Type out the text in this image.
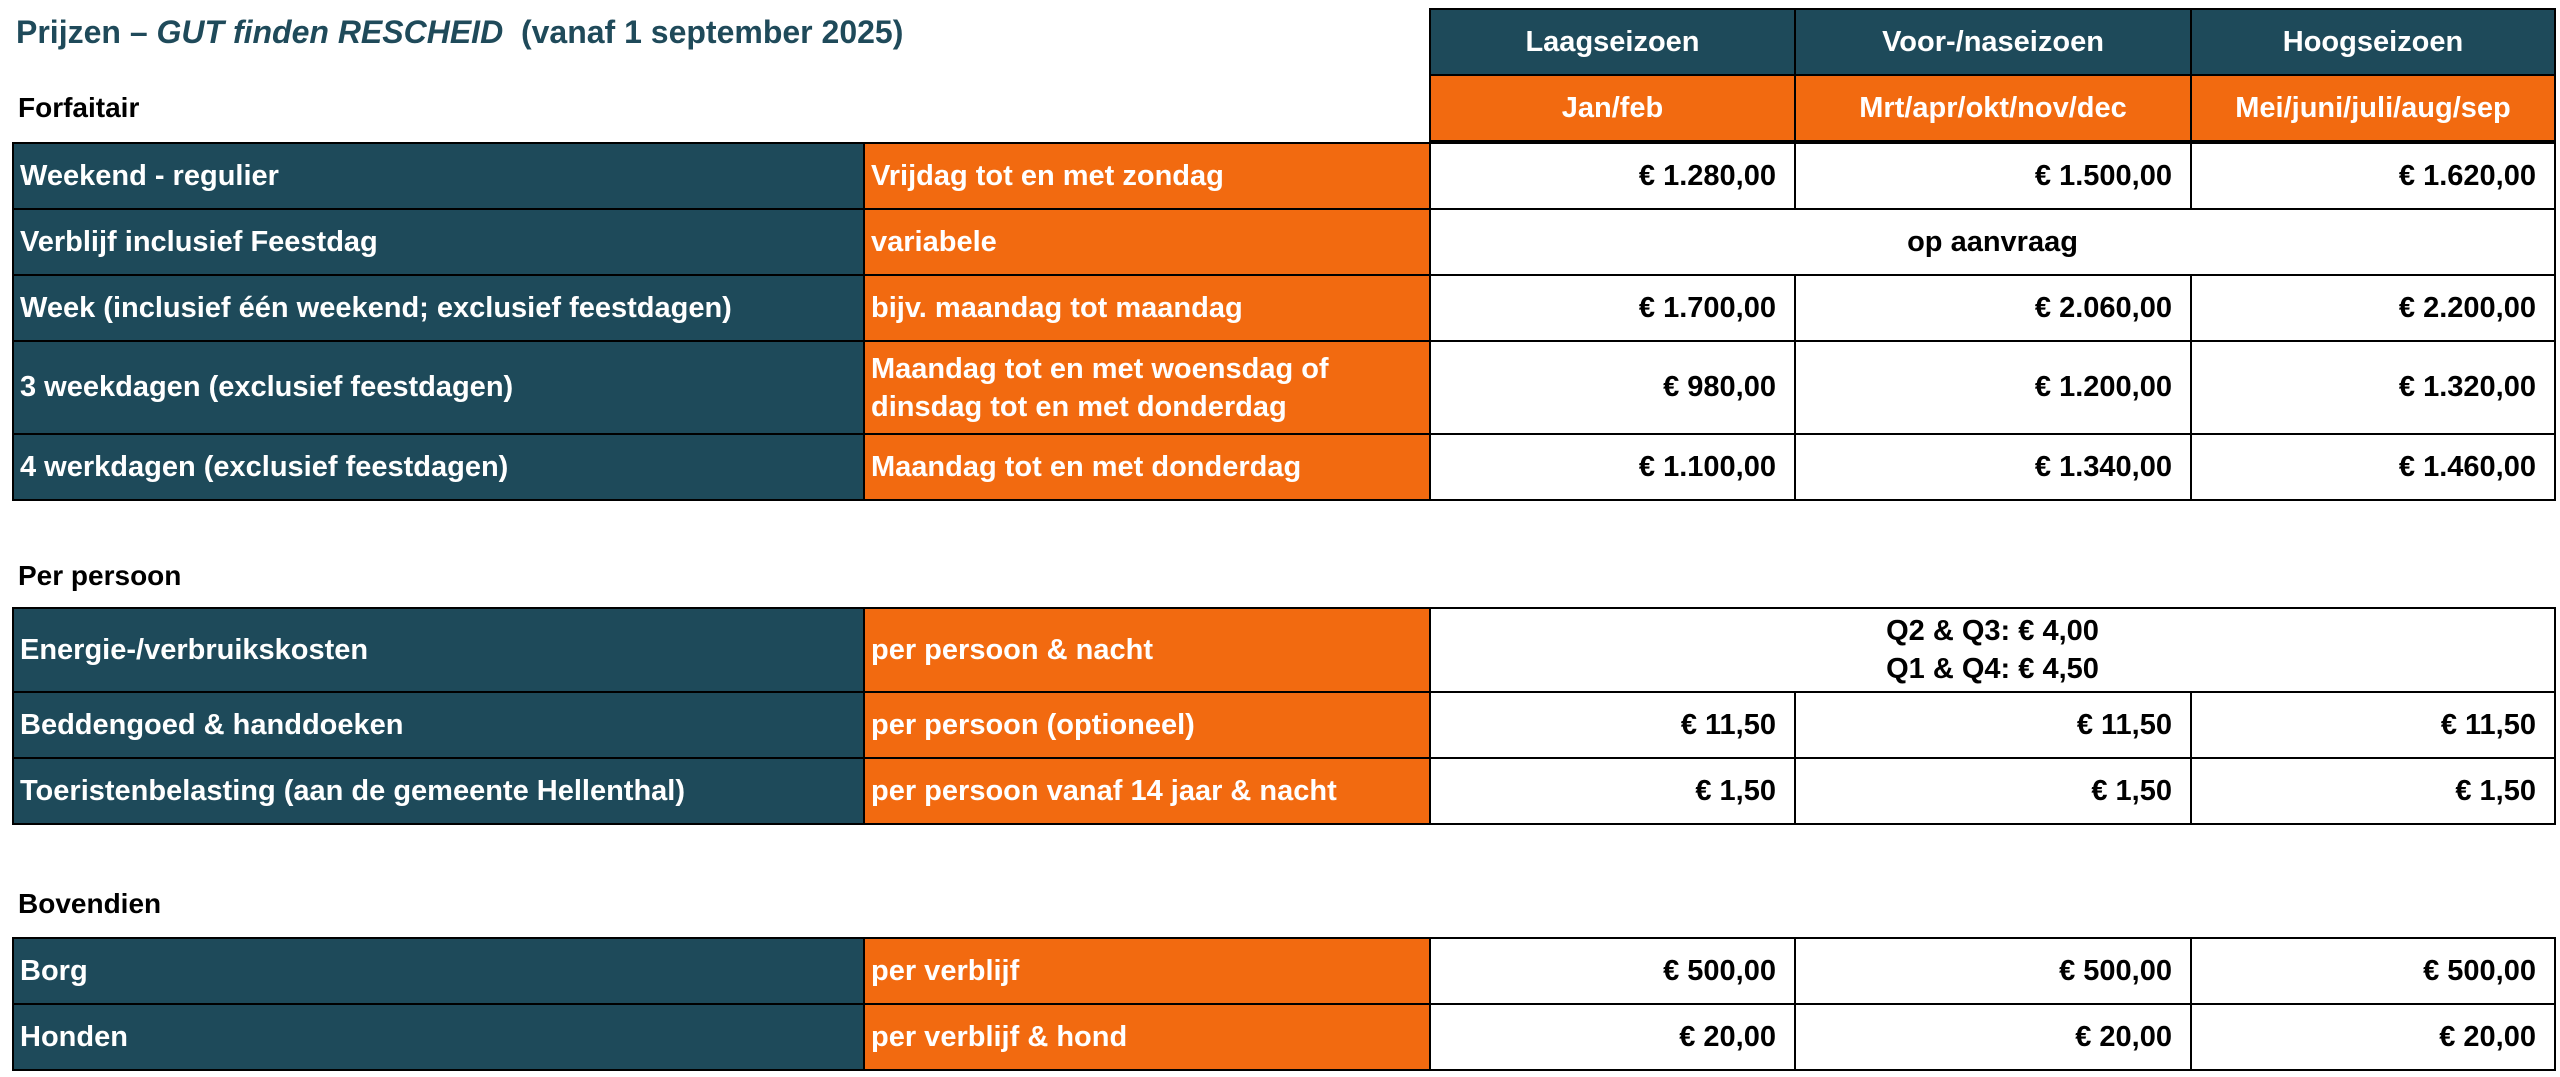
Prijzen – GUT finden RESCHEID (vanaf 1 september 2025)	Laagseizoen	Voor-/naseizoen	Hoogseizoen
Jan/feb	Mrt/apr/okt/nov/dec	Mei/juni/juli/aug/sep
Forfaitair
Weekend - regulier	Vrijdag tot en met zondag	€ 1.280,00	€ 1.500,00	€ 1.620,00
Verblijf inclusief Feestdag	variabele	op aanvraag		
Week (inclusief één weekend; exclusief feestdagen)	bijv. maandag tot maandag	€ 1.700,00	€ 2.060,00	€ 2.200,00
3 weekdagen (exclusief feestdagen)	Maandag tot en met woensdag of
dinsdag tot en met donderdag	€ 980,00	€ 1.200,00	€ 1.320,00
4 werkdagen (exclusief feestdagen)	Maandag tot en met donderdag	€ 1.100,00	€ 1.340,00	€ 1.460,00
Per persoon
Energie-/verbruikskosten	per persoon & nacht	Q2 & Q3: € 4,00
Q1 & Q4: € 4,50		

Beddengoed & handdoeken	per persoon (optioneel)	€ 11,50	€ 11,50	€ 11,50
Toeristenbelasting (aan de gemeente Hellenthal)	per persoon vanaf 14 jaar & nacht	€ 1,50	€ 1,50	€ 1,50
Bovendien
Borg	per verblijf	€ 500,00	€ 500,00	€ 500,00
Honden	per verblijf & hond	€ 20,00	€ 20,00	€ 20,00
